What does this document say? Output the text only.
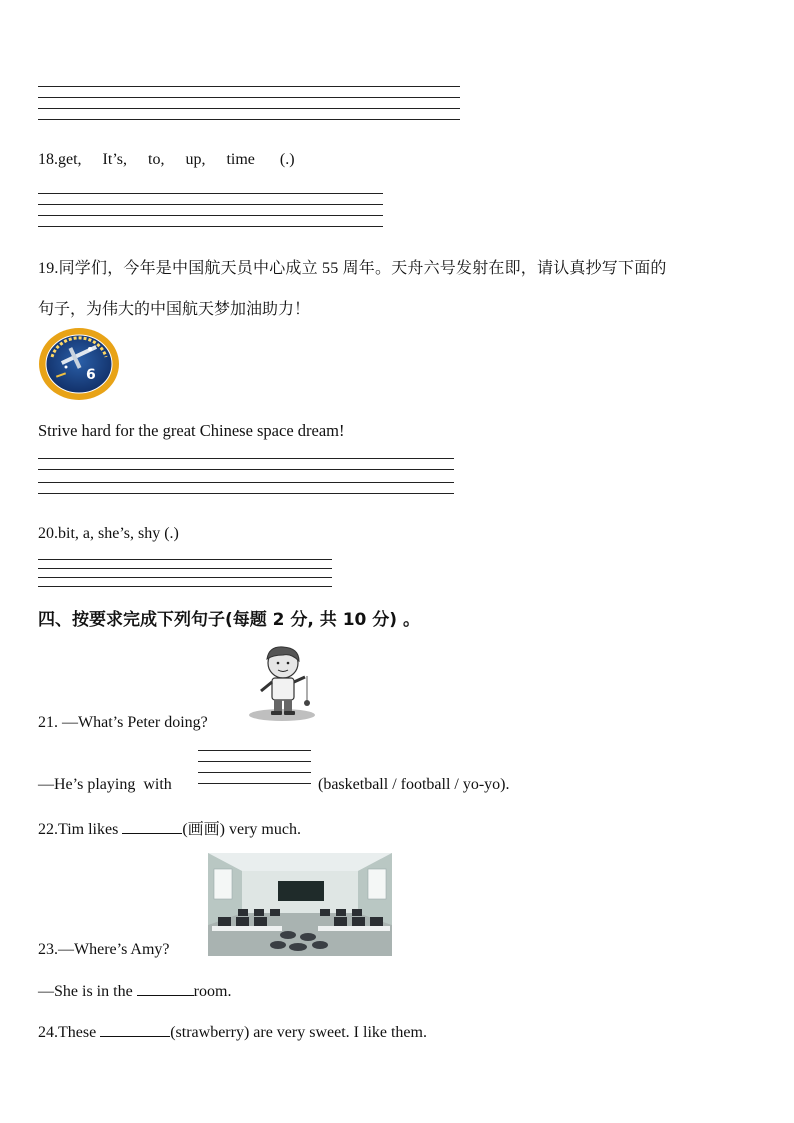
18.get, It’s, to, up, time (.)
19.同学们，今年是中国航天员中心成立 55 周年。天舟六号发射在即，请认真抄写下面的
句子，为伟大的中国航天梦加油助力！
6
Strive hard for the great Chinese space dream!
20.bit, a, she’s, shy (.)
四、按要求完成下列句子(每题 2 分, 共 10 分) 。
21. —What’s Peter doing?
—He’s playing  with	(basketball / football / yo-yo).
22.Tim likes	(画画) very much.
23.—Where’s Amy?
—She is in the	room.
24.These	(strawberry) are very sweet. I like them.
